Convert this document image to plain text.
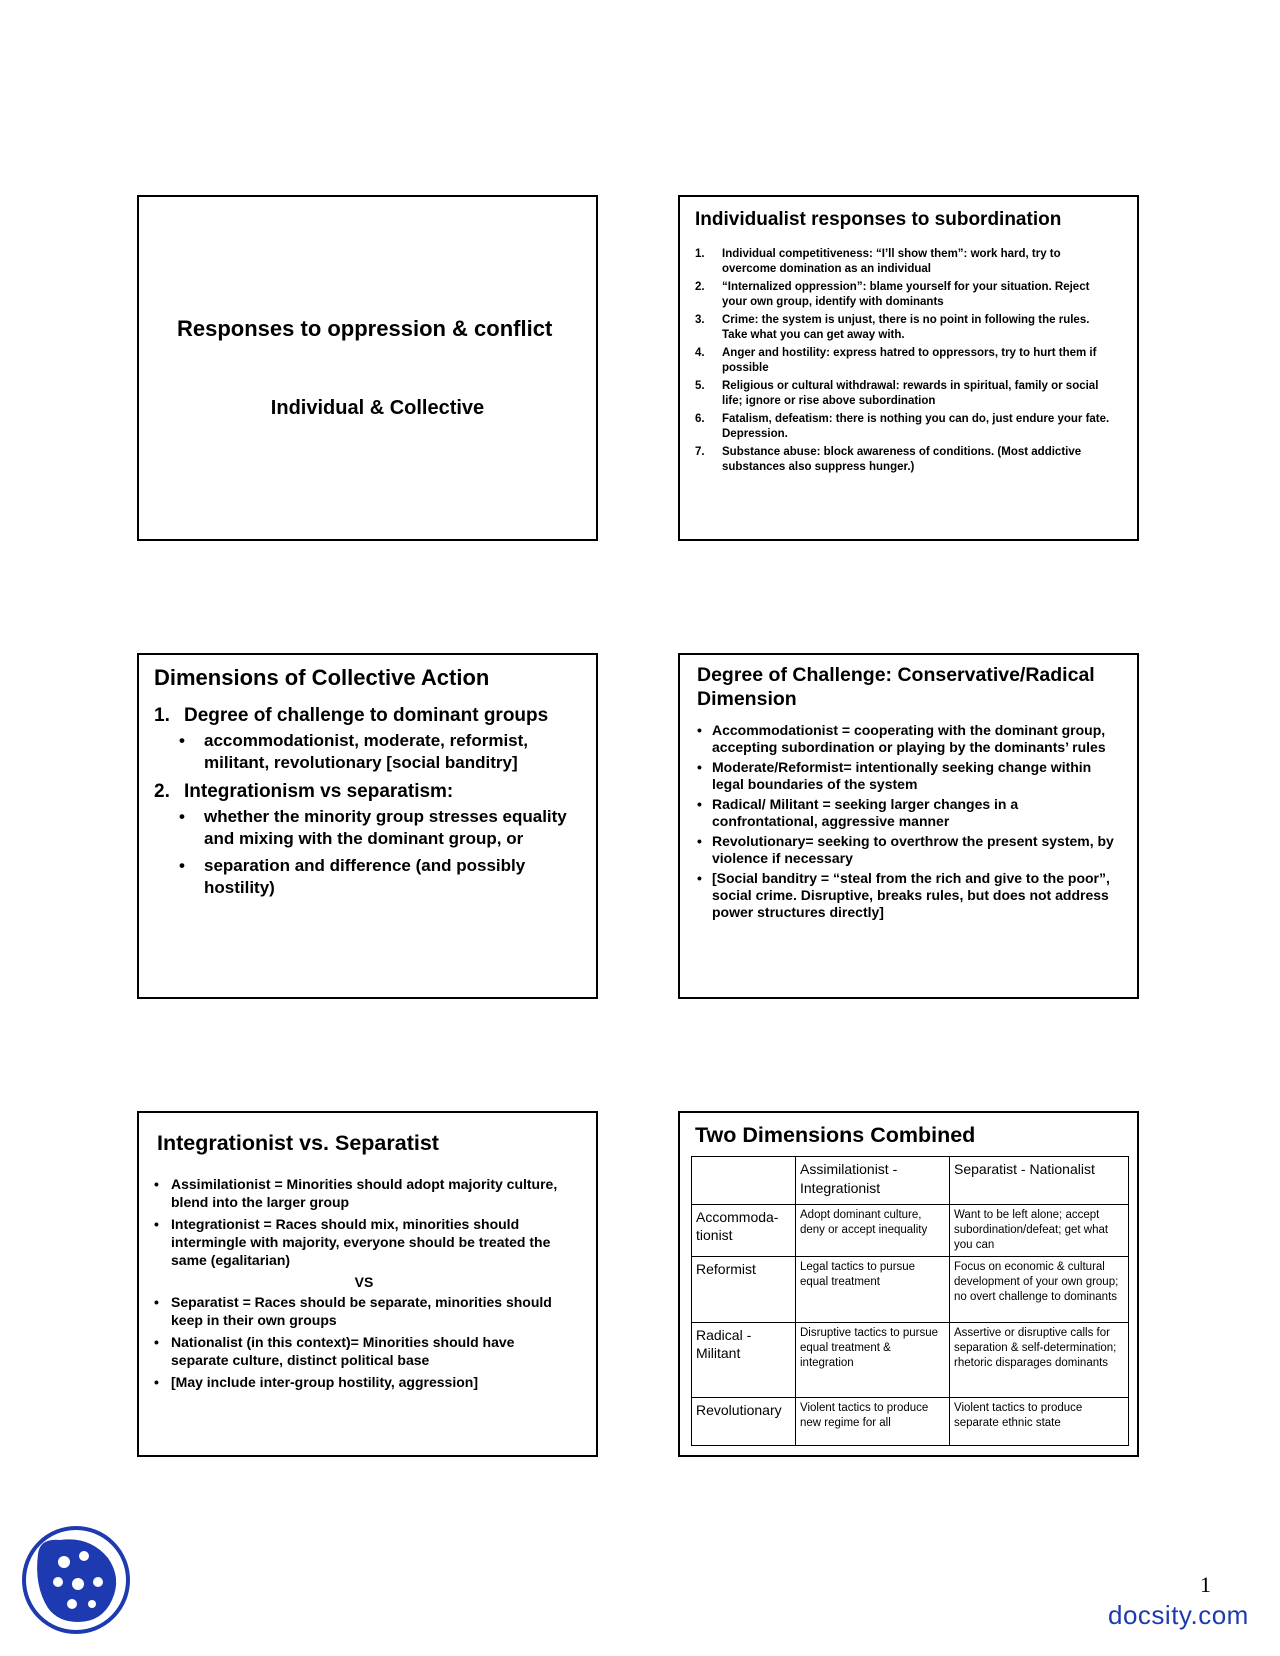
Responses to oppression & conflict
Individual & Collective
Individualist responses to subordination
1. Individual competitiveness: “I’ll show them”: work hard, try to overcome domination as an individual
2. “Internalized oppression”: blame yourself for your situation. Reject your own group, identify with dominants
3. Crime: the system is unjust, there is no point in following the rules. Take what you can get away with.
4. Anger and hostility: express hatred to oppressors, try to hurt them if possible
5. Religious or cultural withdrawal: rewards in spiritual, family or social life; ignore or rise above subordination
6. Fatalism, defeatism: there is nothing you can do, just endure your fate. Depression.
7. Substance abuse: block awareness of conditions. (Most addictive substances also suppress hunger.)
Dimensions of Collective Action
1. Degree of challenge to dominant groups
• accommodationist, moderate, reformist, militant, revolutionary [social banditry]
2. Integrationism vs separatism:
• whether the minority group stresses equality and mixing with the dominant group, or
• separation and difference (and possibly hostility)
Degree of Challenge: Conservative/Radical Dimension
• Accommodationist = cooperating with the dominant group, accepting subordination or playing by the dominants’ rules
• Moderate/Reformist= intentionally seeking change within legal boundaries of the system
• Radical/ Militant = seeking larger changes in a confrontational, aggressive manner
• Revolutionary= seeking to overthrow the present system, by violence if necessary
• [Social banditry = “steal from the rich and give to the poor”, social crime. Disruptive, breaks rules, but does not address power structures directly]
Integrationist vs. Separatist
• Assimilationist = Minorities should adopt majority culture, blend into the larger group
• Integrationist = Races should mix, minorities should intermingle with majority, everyone should be treated the same (egalitarian)
VS
• Separatist = Races should be separate, minorities should keep in their own groups
• Nationalist (in this context)= Minorities should have separate culture, distinct political base
• [May include inter-group hostility, aggression]
Two Dimensions Combined
	Assimilationist - Integrationist	Separatist - Nationalist
Accommoda-tionist	Adopt dominant culture, deny or accept inequality	Want to be left alone; accept subordination/defeat; get what you can
Reformist	Legal tactics to pursue equal treatment	Focus on economic & cultural development of your own group; no overt challenge to dominants
Radical - Militant	Disruptive tactics to pursue equal treatment & integration	Assertive or disruptive calls for separation & self-determination; rhetoric disparages dominants
Revolutionary	Violent tactics to produce new regime for all	Violent tactics to produce separate ethnic state
1
docsity.com
